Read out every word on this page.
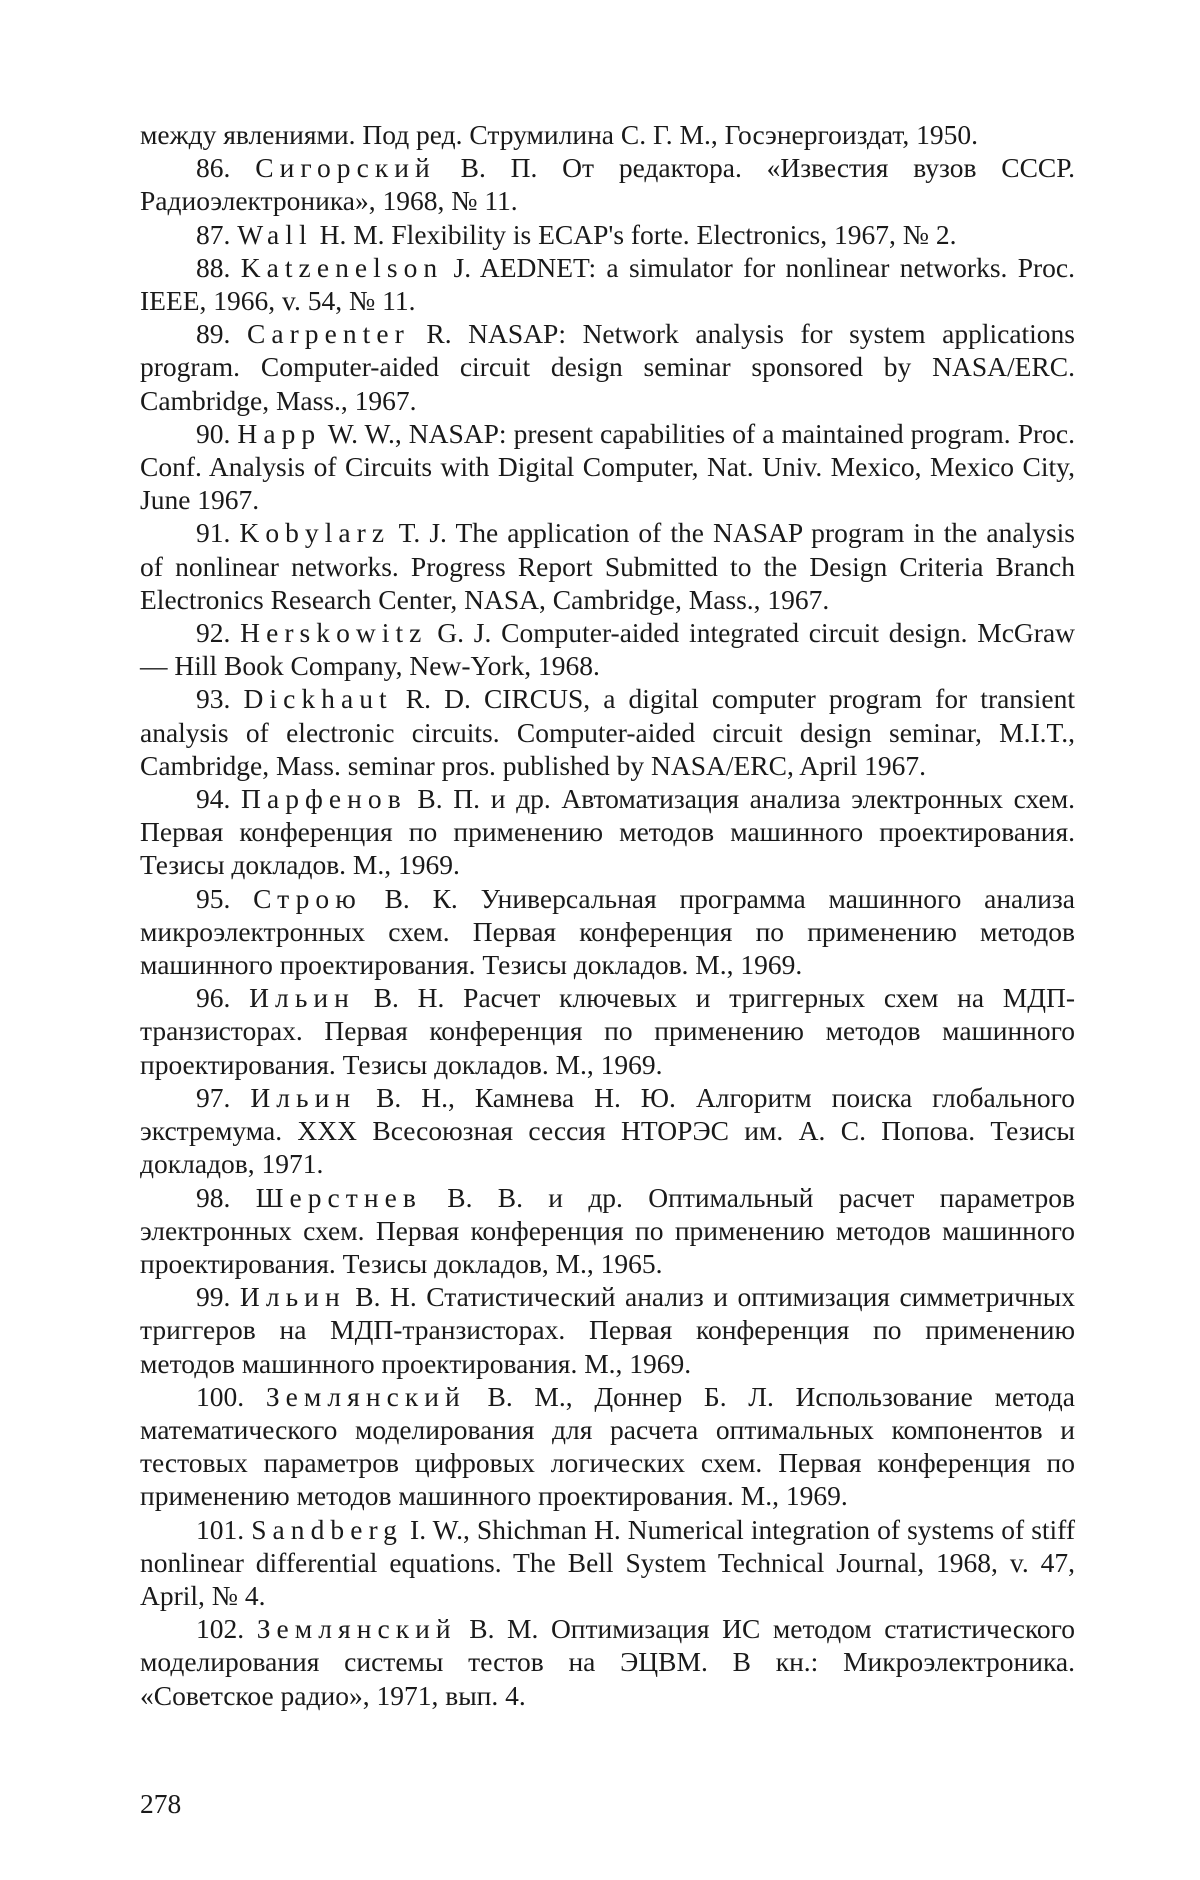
между явлениями. Под ред. Струмилина С. Г. М., Госэнергоиздат, 1950.

86. Сигорский В. П. От редактора. «Известия вузов СССР. Радиоэлектроника», 1968, № 11.

87. Wall H. M. Flexibility is ECAP's forte. Electronics, 1967, № 2.

88. Katzenelson J. AEDNET: a simulator for nonlinear networks. Proc. IEEE, 1966, v. 54, № 11.

89. Carpenter R. NASAP: Network analysis for system applications program. Computer-aided circuit design seminar sponsored by NASA/ERC. Cambridge, Mass., 1967.

90. Happ W. W., NASAP: present capabilities of a maintained program. Proc. Conf. Analysis of Circuits with Digital Computer, Nat. Univ. Mexico, Mexico City, June 1967.

91. Kobylarz T. J. The application of the NASAP program in the analysis of nonlinear networks. Progress Report Submitted to the Design Criteria Branch Electronics Research Center, NASA, Cambridge, Mass., 1967.

92. Herskowitz G. J. Computer-aided integrated circuit design. McGraw — Hill Book Company, New-York, 1968.

93. Dickhaut R. D. CIRCUS, a digital computer program for transient analysis of electronic circuits. Computer-aided circuit design seminar, M.I.T., Cambridge, Mass. seminar pros. published by NASA/ERC, April 1967.

94. Парфенов В. П. и др. Автоматизация анализа электронных схем. Первая конференция по применению методов машинного проектирования. Тезисы докладов. М., 1969.

95. Строю В. К. Универсальная программа машинного анализа микроэлектронных схем. Первая конференция по применению методов машинного проектирования. Тезисы докладов. М., 1969.

96. Ильин В. Н. Расчет ключевых и триггерных схем на МДП-транзисторах. Первая конференция по применению методов машинного проектирования. Тезисы докладов. М., 1969.

97. Ильин В. Н., Камнева Н. Ю. Алгоритм поиска глобального экстремума. XXX Всесоюзная сессия НТОРЭС им. А. С. Попова. Тезисы докладов, 1971.

98. Шерстнев В. В. и др. Оптимальный расчет параметров электронных схем. Первая конференция по применению методов машинного проектирования. Тезисы докладов, М., 1965.

99. Ильин В. Н. Статистический анализ и оптимизация симметричных триггеров на МДП-транзисторах. Первая конференция по применению методов машинного проектирования. М., 1969.

100. Землянский В. М., Доннер Б. Л. Использование метода математического моделирования для расчета оптимальных компонентов и тестовых параметров цифровых логических схем. Первая конференция по применению методов машинного проектирования. М., 1969.

101. Sandberg I. W., Shichman H. Numerical integration of systems of stiff nonlinear differential equations. The Bell System Technical Journal, 1968, v. 47, April, № 4.

102. Землянский В. М. Оптимизация ИС методом статистического моделирования системы тестов на ЭЦВМ. В кн.: Микроэлектроника. «Советское радио», 1971, вып. 4.

278
